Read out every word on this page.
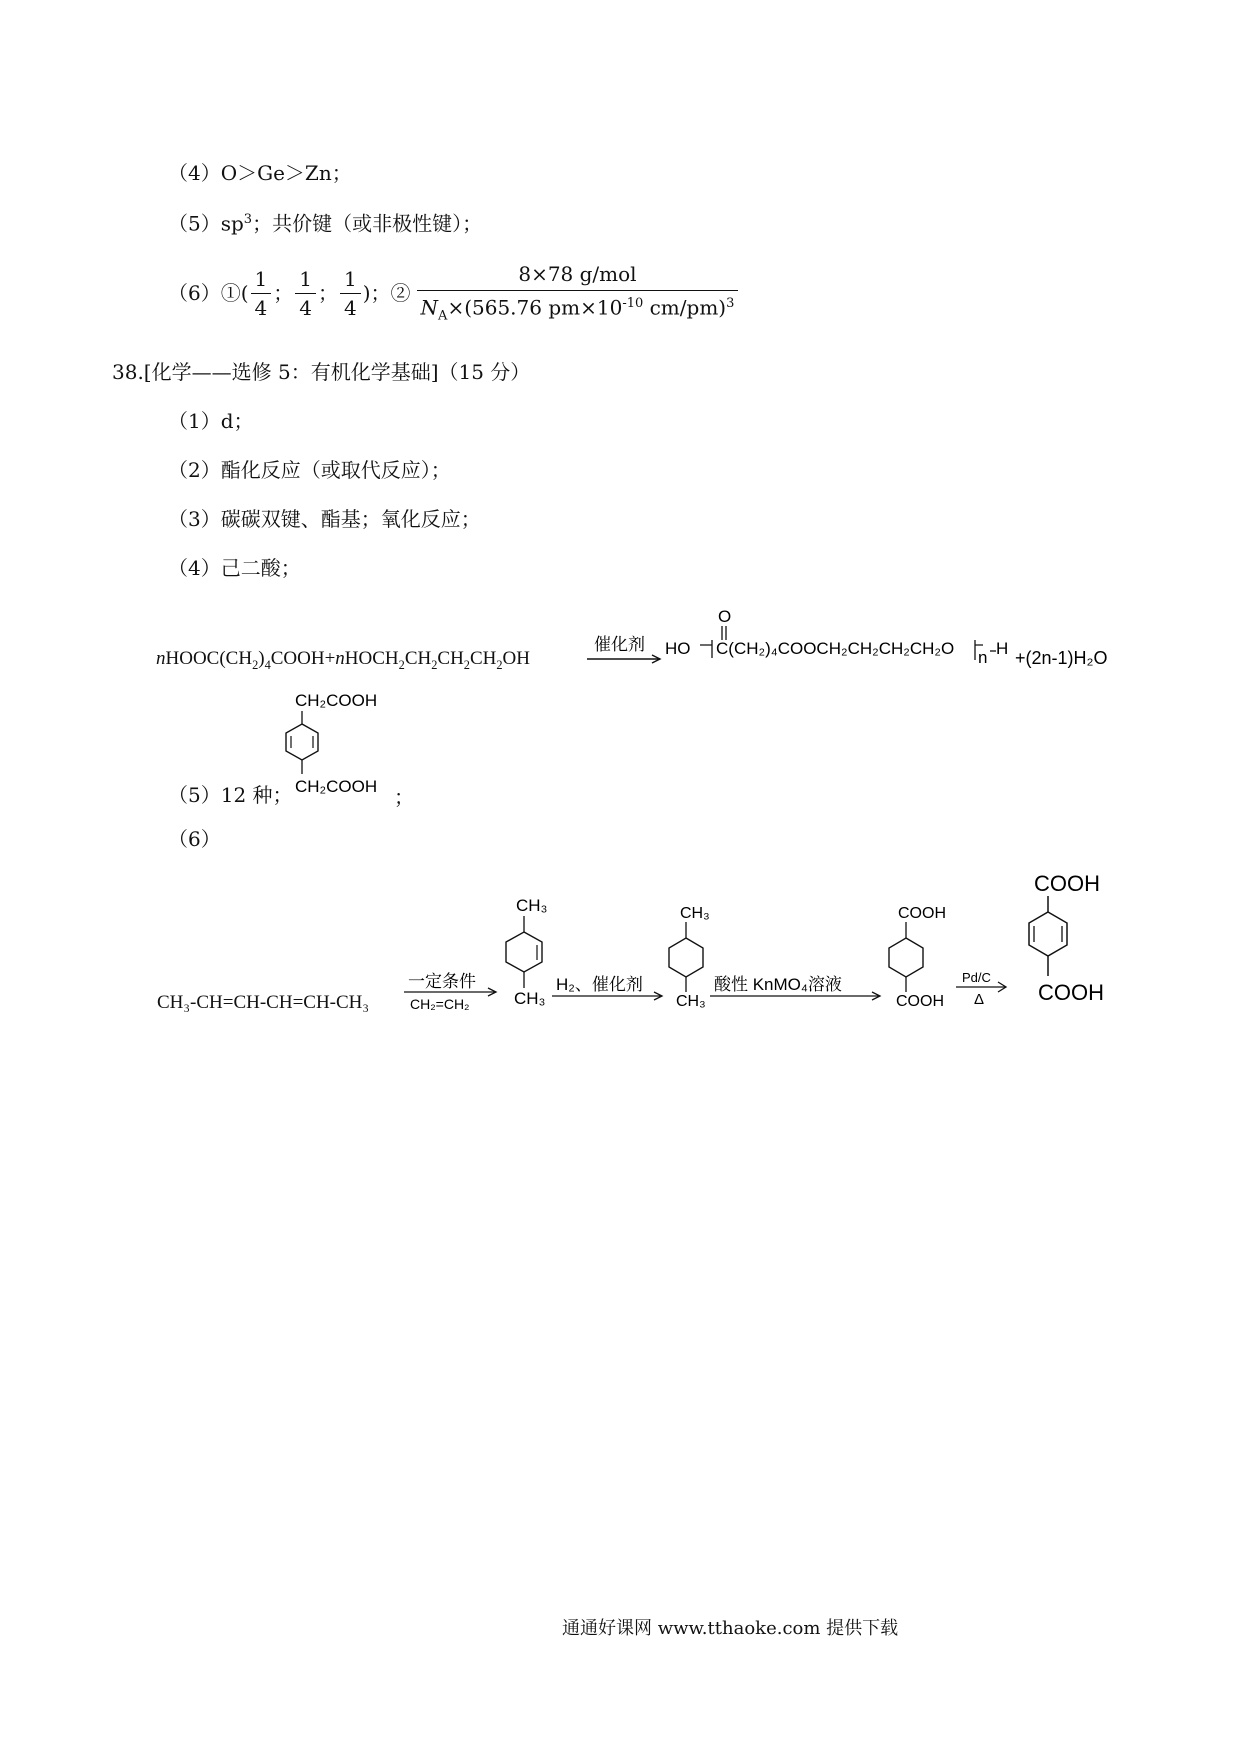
（4）O＞Ge＞Zn；
$(5)sp^3$；共价键（或非极性键）；
（6）①( $\frac{1}{4}$ ； $\frac{1}{4}$ ； $\frac{1}{4}$ )；② $\frac{\text{8×78 g/mol}}{N_A\times(565.76 pm\times 10^{-10} cm/pm)^3}$
38.[化学——选修 5：有机化学基础]（15 分）
（1）d；
（2）酯化反应（或取代反应）；
（3）碳碳双键、酯基；氧化反应；
（4）己二酸；
$nHOOC(CH_2)_4COOH+nHOCH_2CH_2CH_2CH_2OH$
催化剂 HO
O
C(CH₂)₄COOCH₂CH₂CH₂CH₂O n H +(2n-1)H₂O
CH₂COOH
CH₂COOH
（5）12 种；	；
（6）
CH₃-CH=CH-CH=CH-CH₃
一定条件
CH₂=CH₂
CH₃
CH₃
H₂、催化剂
CH₃
CH₃
酸性 KnMO₄溶液
COOH
COOH
Pd/C
Δ
COOH
COOH
通通好课网 www.tthaoke.com 提供下载
